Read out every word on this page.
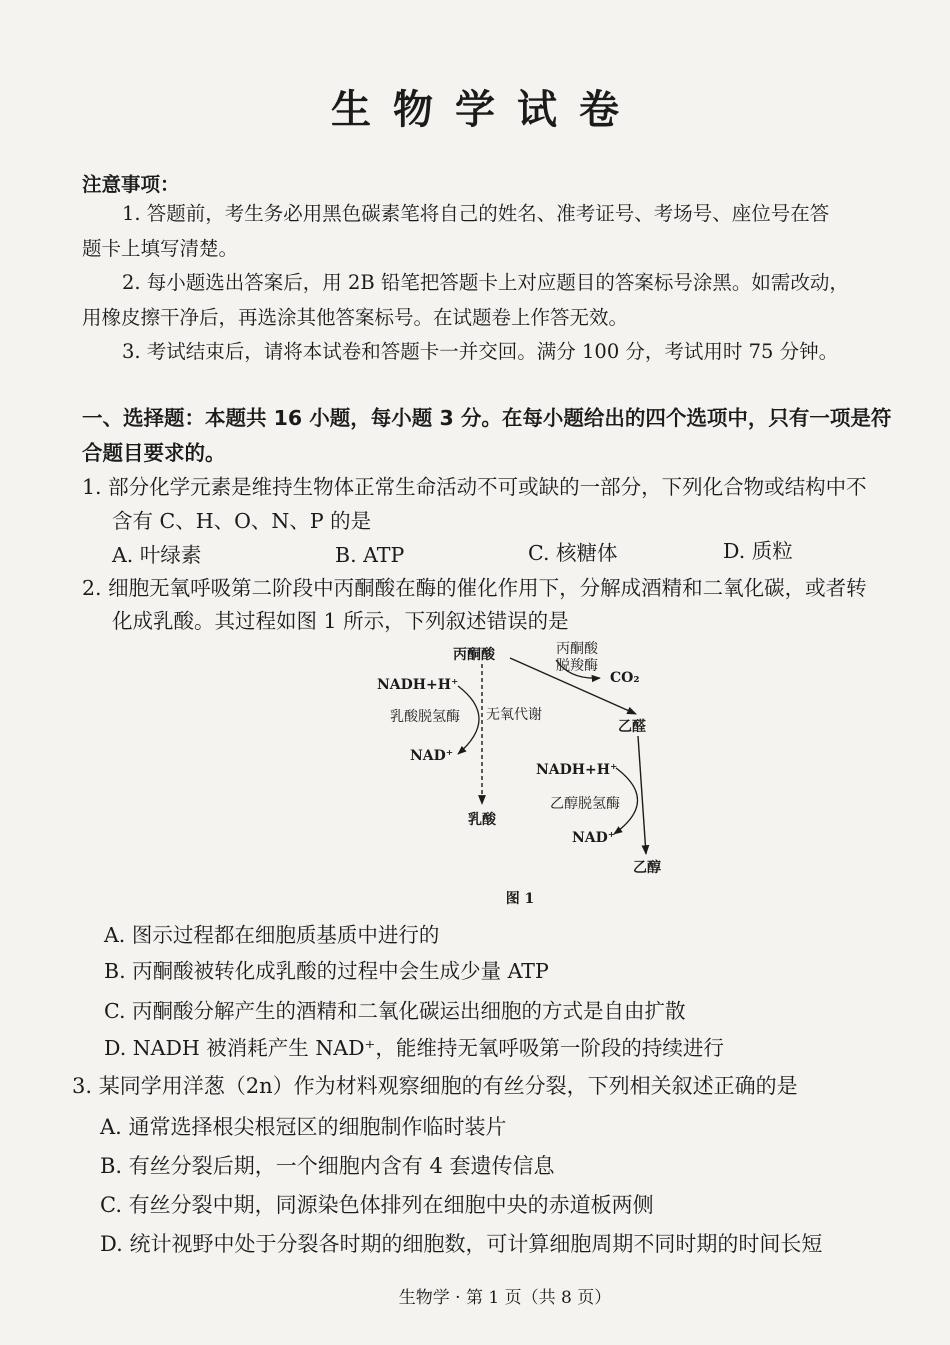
生物学试卷
注意事项：
1. 答题前，考生务必用黑色碳素笔将自己的姓名、准考证号、考场号、座位号在答
题卡上填写清楚。
2. 每小题选出答案后，用 2B 铅笔把答题卡上对应题目的答案标号涂黑。如需改动，
用橡皮擦干净后，再选涂其他答案标号。在试题卷上作答无效。
3. 考试结束后，请将本试卷和答题卡一并交回。满分 100 分，考试用时 75 分钟。
一、选择题：本题共 16 小题，每小题 3 分。在每小题给出的四个选项中，只有一项是符
合题目要求的。
1. 部分化学元素是维持生物体正常生命活动不可或缺的一部分，下列化合物或结构中不
含有 C、H、O、N、P 的是
A. 叶绿素	B. ATP	C. 核糖体	D. 质粒
2. 细胞无氧呼吸第二阶段中丙酮酸在酶的催化作用下，分解成酒精和二氧化碳，或者转
化成乳酸。其过程如图 1 所示，下列叙述错误的是
丙酮酸	丙酮酸
脱羧酶
CO₂
NADH+H⁺
乳酸脱氢酶 无氧代谢
NAD⁺
乙醛
NADH+H⁺
乙醇脱氢酶
乳酸
NAD⁺
乙醇
图 1
A. 图示过程都在细胞质基质中进行的
B. 丙酮酸被转化成乳酸的过程中会生成少量 ATP
C. 丙酮酸分解产生的酒精和二氧化碳运出细胞的方式是自由扩散
D. NADH 被消耗产生 NAD⁺，能维持无氧呼吸第一阶段的持续进行
3. 某同学用洋葱（2n）作为材料观察细胞的有丝分裂，下列相关叙述正确的是
A. 通常选择根尖根冠区的细胞制作临时装片
B. 有丝分裂后期，一个细胞内含有 4 套遗传信息
C. 有丝分裂中期，同源染色体排列在细胞中央的赤道板两侧
D. 统计视野中处于分裂各时期的细胞数，可计算细胞周期不同时期的时间长短
生物学 · 第 1 页（共 8 页）
